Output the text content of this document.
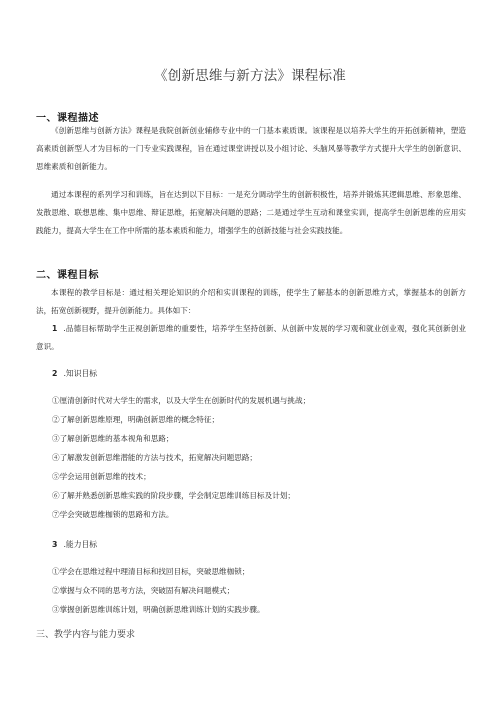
《创新思维与新方法》课程标准
一、课程描述
《创新思维与创新方法》课程是我院创新创业辅修专业中的一门基本素质课。该课程是以培养大学生的开拓创新精神，塑造高素质创新型人才为目标的一门专业实践课程，旨在通过课堂讲授以及小组讨论、头脑风暴等教学方式提升大学生的创新意识、思维素质和创新能力。
通过本课程的系列学习和训练，旨在达到以下目标：一是充分调动学生的创新积极性，培养并锻炼其逻辑思维、形象思维、发散思维、联想思维、集中思维、辩证思维，拓宽解决问题的思路；二是通过学生互动和课堂实训，提高学生创新思维的应用实践能力，提高大学生在工作中所需的基本素质和能力，增强学生的创新技能与社会实践技能。
二、课程目标
本课程的教学目标是：通过相关理论知识的介绍和实训课程的训练，使学生了解基本的创新思维方式，掌握基本的创新方法，拓宽创新视野，提升创新能力。具体如下：
1 .品德目标帮助学生正视创新思维的重要性，培养学生坚持创新、从创新中发展的学习观和就业创业观，强化其创新创业意识。
2 .知识目标
①厘清创新时代对大学生的需求，以及大学生在创新时代的发展机遇与挑战；
②了解创新思维原理，明确创新思维的概念特征；
③了解创新思维的基本视角和思路；
④了解激发创新思维潜能的方法与技术，拓宽解决问题思路；
⑤学会运用创新思维的技术；
⑥了解并熟悉创新思维实践的阶段步骤，学会制定思维训练目标及计划；
⑦学会突破思维枷锁的思路和方法。
3 .能力目标
①学会在思维过程中理清目标和找回目标，突破思维枷锁；
②掌握与众不同的思考方法，突破固有解决问题模式；
③掌握创新思维训练计划，明确创新思维训练计划的实践步骤。
三、教学内容与能力要求
